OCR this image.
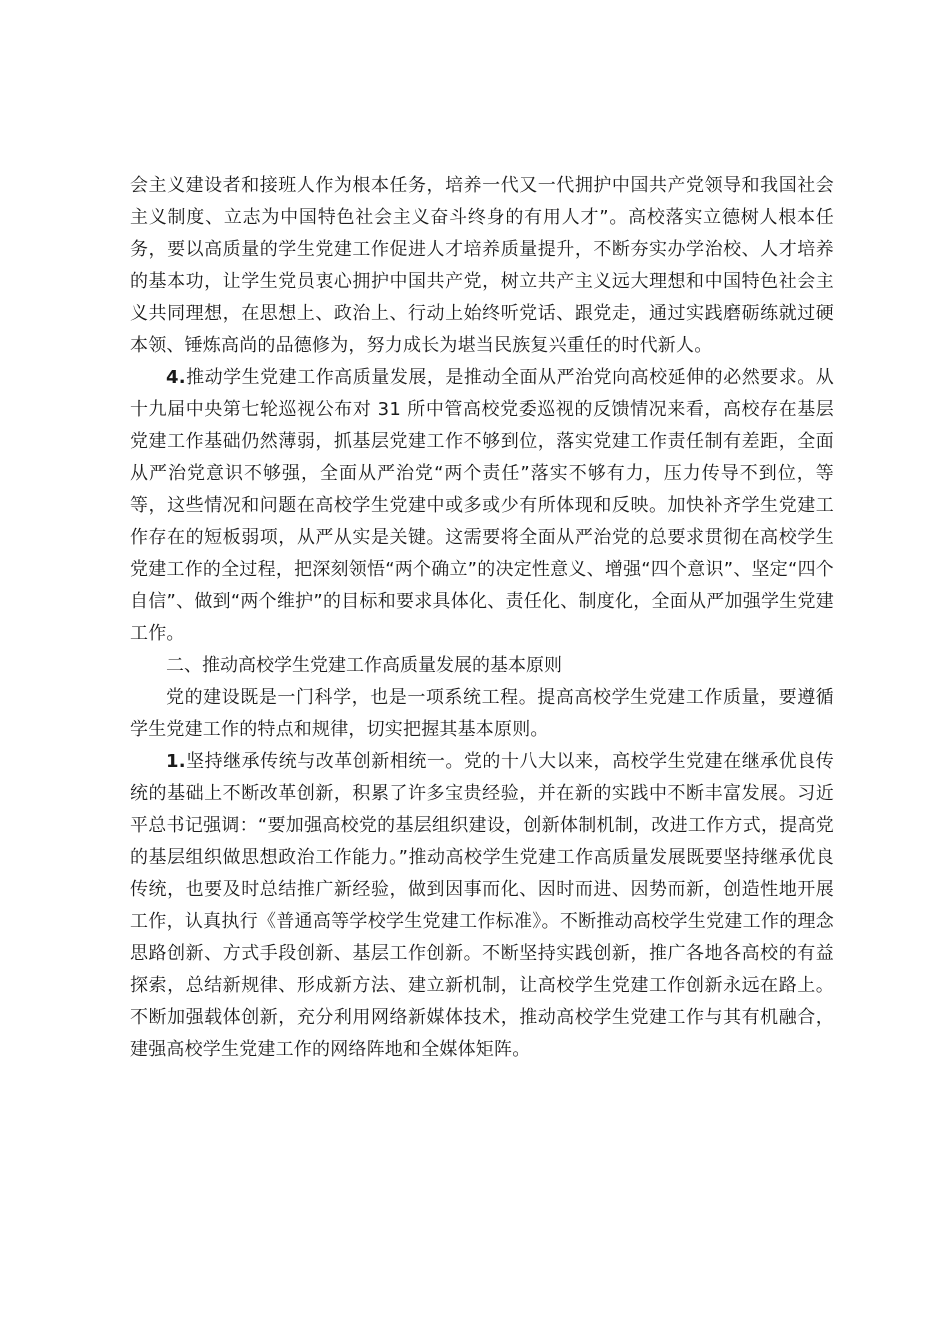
会主义建设者和接班人作为根本任务，培养一代又一代拥护中国共产党领导和我国社会主义制度、立志为中国特色社会主义奋斗终身的有用人才”。高校落实立德树人根本任务，要以高质量的学生党建工作促进人才培养质量提升，不断夯实办学治校、人才培养的基本功，让学生党员衷心拥护中国共产党，树立共产主义远大理想和中国特色社会主义共同理想，在思想上、政治上、行动上始终听党话、跟党走，通过实践磨砺练就过硬本领、锤炼高尚的品德修为，努力成长为堪当民族复兴重任的时代新人。

4.推动学生党建工作高质量发展，是推动全面从严治党向高校延伸的必然要求。从十九届中央第七轮巡视公布对 31 所中管高校党委巡视的反馈情况来看，高校存在基层党建工作基础仍然薄弱，抓基层党建工作不够到位，落实党建工作责任制有差距，全面从严治党意识不够强，全面从严治党“两个责任”落实不够有力，压力传导不到位，等等，这些情况和问题在高校学生党建中或多或少有所体现和反映。加快补齐学生党建工作存在的短板弱项，从严从实是关键。这需要将全面从严治党的总要求贯彻在高校学生党建工作的全过程，把深刻领悟“两个确立”的决定性意义、增强“四个意识”、坚定“四个自信”、做到“两个维护”的目标和要求具体化、责任化、制度化，全面从严加强学生党建工作。

二、推动高校学生党建工作高质量发展的基本原则

党的建设既是一门科学，也是一项系统工程。提高高校学生党建工作质量，要遵循学生党建工作的特点和规律，切实把握其基本原则。

1.坚持继承传统与改革创新相统一。党的十八大以来，高校学生党建在继承优良传统的基础上不断改革创新，积累了许多宝贵经验，并在新的实践中不断丰富发展。习近平总书记强调：“要加强高校党的基层组织建设，创新体制机制，改进工作方式，提高党的基层组织做思想政治工作能力。”推动高校学生党建工作高质量发展既要坚持继承优良传统，也要及时总结推广新经验，做到因事而化、因时而进、因势而新，创造性地开展工作，认真执行《普通高等学校学生党建工作标准》。不断推动高校学生党建工作的理念思路创新、方式手段创新、基层工作创新。不断坚持实践创新，推广各地各高校的有益探索，总结新规律、形成新方法、建立新机制，让高校学生党建工作创新永远在路上。不断加强载体创新，充分利用网络新媒体技术，推动高校学生党建工作与其有机融合，建强高校学生党建工作的网络阵地和全媒体矩阵。
